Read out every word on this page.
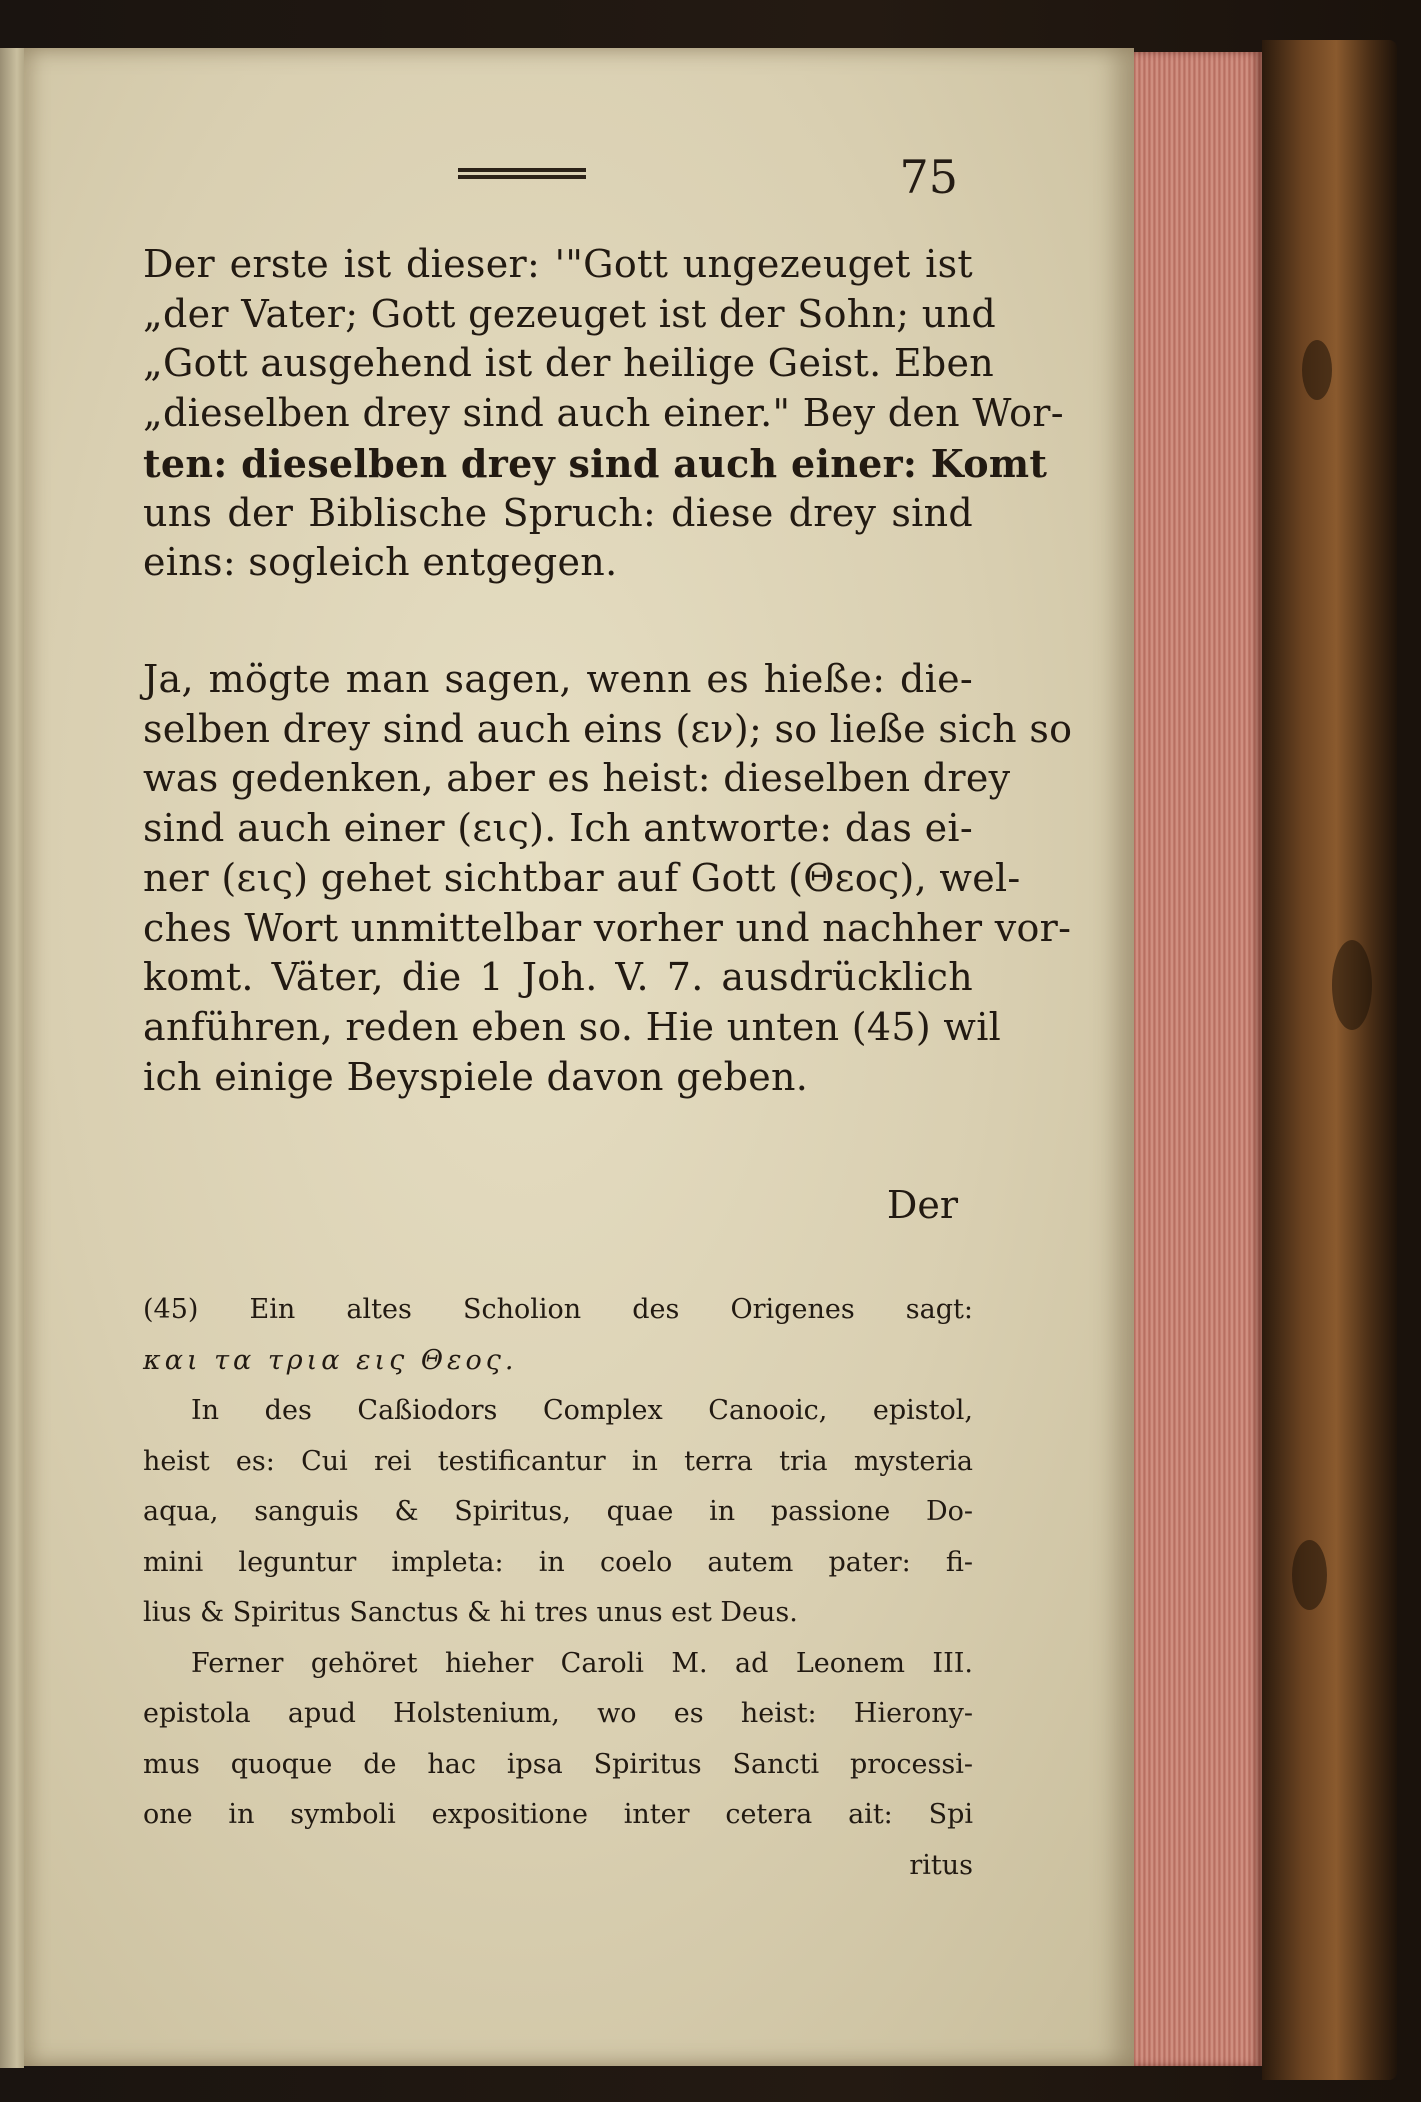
75
Der erste ist dieser: '"Gott ungezeuget ist
„der Vater; Gott gezeuget ist der Sohn; und
„Gott ausgehend ist der heilige Geist. Eben
„dieselben drey sind auch einer." Bey den Wor-
ten: dieselben drey sind auch einer: Komt
uns der Biblische Spruch: diese drey sind
eins: sogleich entgegen.
Ja, mögte man sagen, wenn es hieße: die-
selben drey sind auch eins (εν); so ließe sich so
was gedenken, aber es heist: dieselben drey
sind auch einer (εις). Ich antworte: das ei-
ner (εις) gehet sichtbar auf Gott (Θεος), wel-
ches Wort unmittelbar vorher und nachher vor-
komt. Väter, die 1 Joh. V. 7. ausdrücklich
anführen, reden eben so. Hie unten (45) wil
ich einige Beyspiele davon geben.
Der
(45) Ein altes Scholion des Origenes sagt:
και τα τρια εις Θεος.
In des Caßiodors Complex Canooic, epistol,
heist es: Cui rei testificantur in terra tria mysteria
aqua, sanguis & Spiritus, quae in passione Do-
mini leguntur impleta: in coelo autem pater: fi-
lius & Spiritus Sanctus & hi tres unus est Deus.
Ferner gehöret hieher Caroli M. ad Leonem III.
epistola apud Holstenium, wo es heist: Hierony-
mus quoque de hac ipsa Spiritus Sancti processi-
one in symboli expositione inter cetera ait: Spi
ritus
